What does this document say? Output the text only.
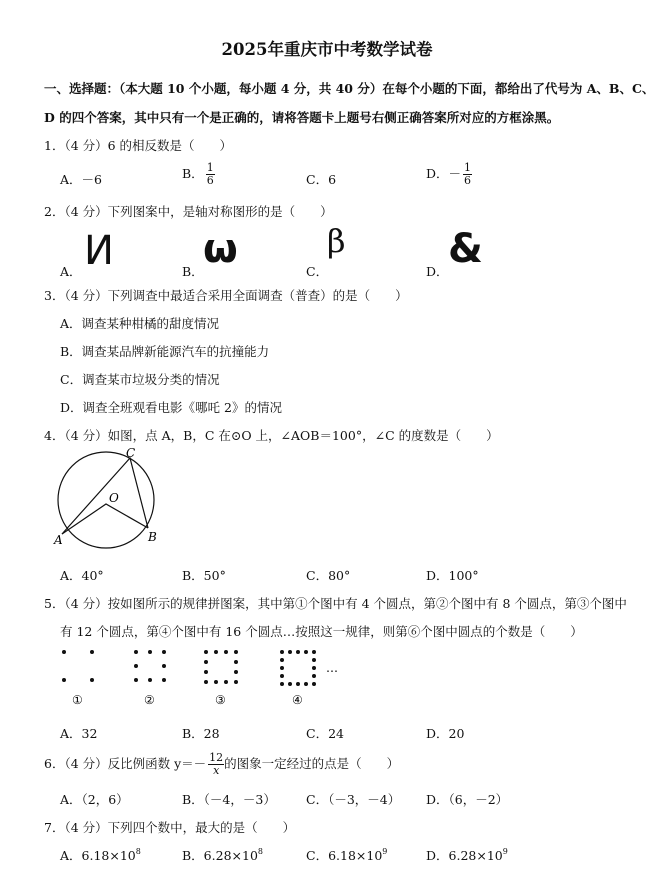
2025年重庆市中考数学试卷
一、选择题：（本大题 10 个小题，每小题 4 分，共 40 分）在每个小题的下面，都给出了代号为 A、B、C、
D 的四个答案，其中只有一个是正确的，请将答题卡上题号右侧正确答案所对应的方框涂黑。
1．（4 分）6 的相反数是（　　）
A．－6	B． $\frac{1}{6}$	C．6	D．－ $\frac{1}{6}$
2．（4 分）下列图案中，是轴对称图形的是（　　）
A． И	B． ω	C．
β
D． &
3．（4 分）下列调查中最适合采用全面调查（普查）的是（　　）
A．调查某种柑橘的甜度情况
B．调查某品牌新能源汽车的抗撞能力
C．调查某市垃圾分类的情况
D．调查全班观看电影《哪吒 2》的情况
4．（4 分）如图，点 A，B，C 在⊙O 上，∠AOB＝100°，∠C 的度数是（　　）
A	B
C
O
A．40°	B．50°	C．80°	D．100°
5．（4 分）按如图所示的规律拼图案，其中第①个图中有 4 个圆点，第②个图中有 8 个圆点，第③个图中
有 12 个圆点，第④个图中有 16 个圆点…按照这一规律，则第⑥个图中圆点的个数是（　　）
…
①	②	③	④
A．32	B．28	C．24	D．20
6．（4 分）反比例函数 $y=- \frac{12}{x}$ 的图象一定经过的点是（　　）
A．（2，6）	B．（－4，－3） C．（－3，－4） D．（6，－2）
7．（4 分）下列四个数中，最大的是（　　）
A．$6.18\times 10^8$	B．$6.28\times 10^8$	C．$6.18\times 10^9$	D．$6.28\times 10^9$
